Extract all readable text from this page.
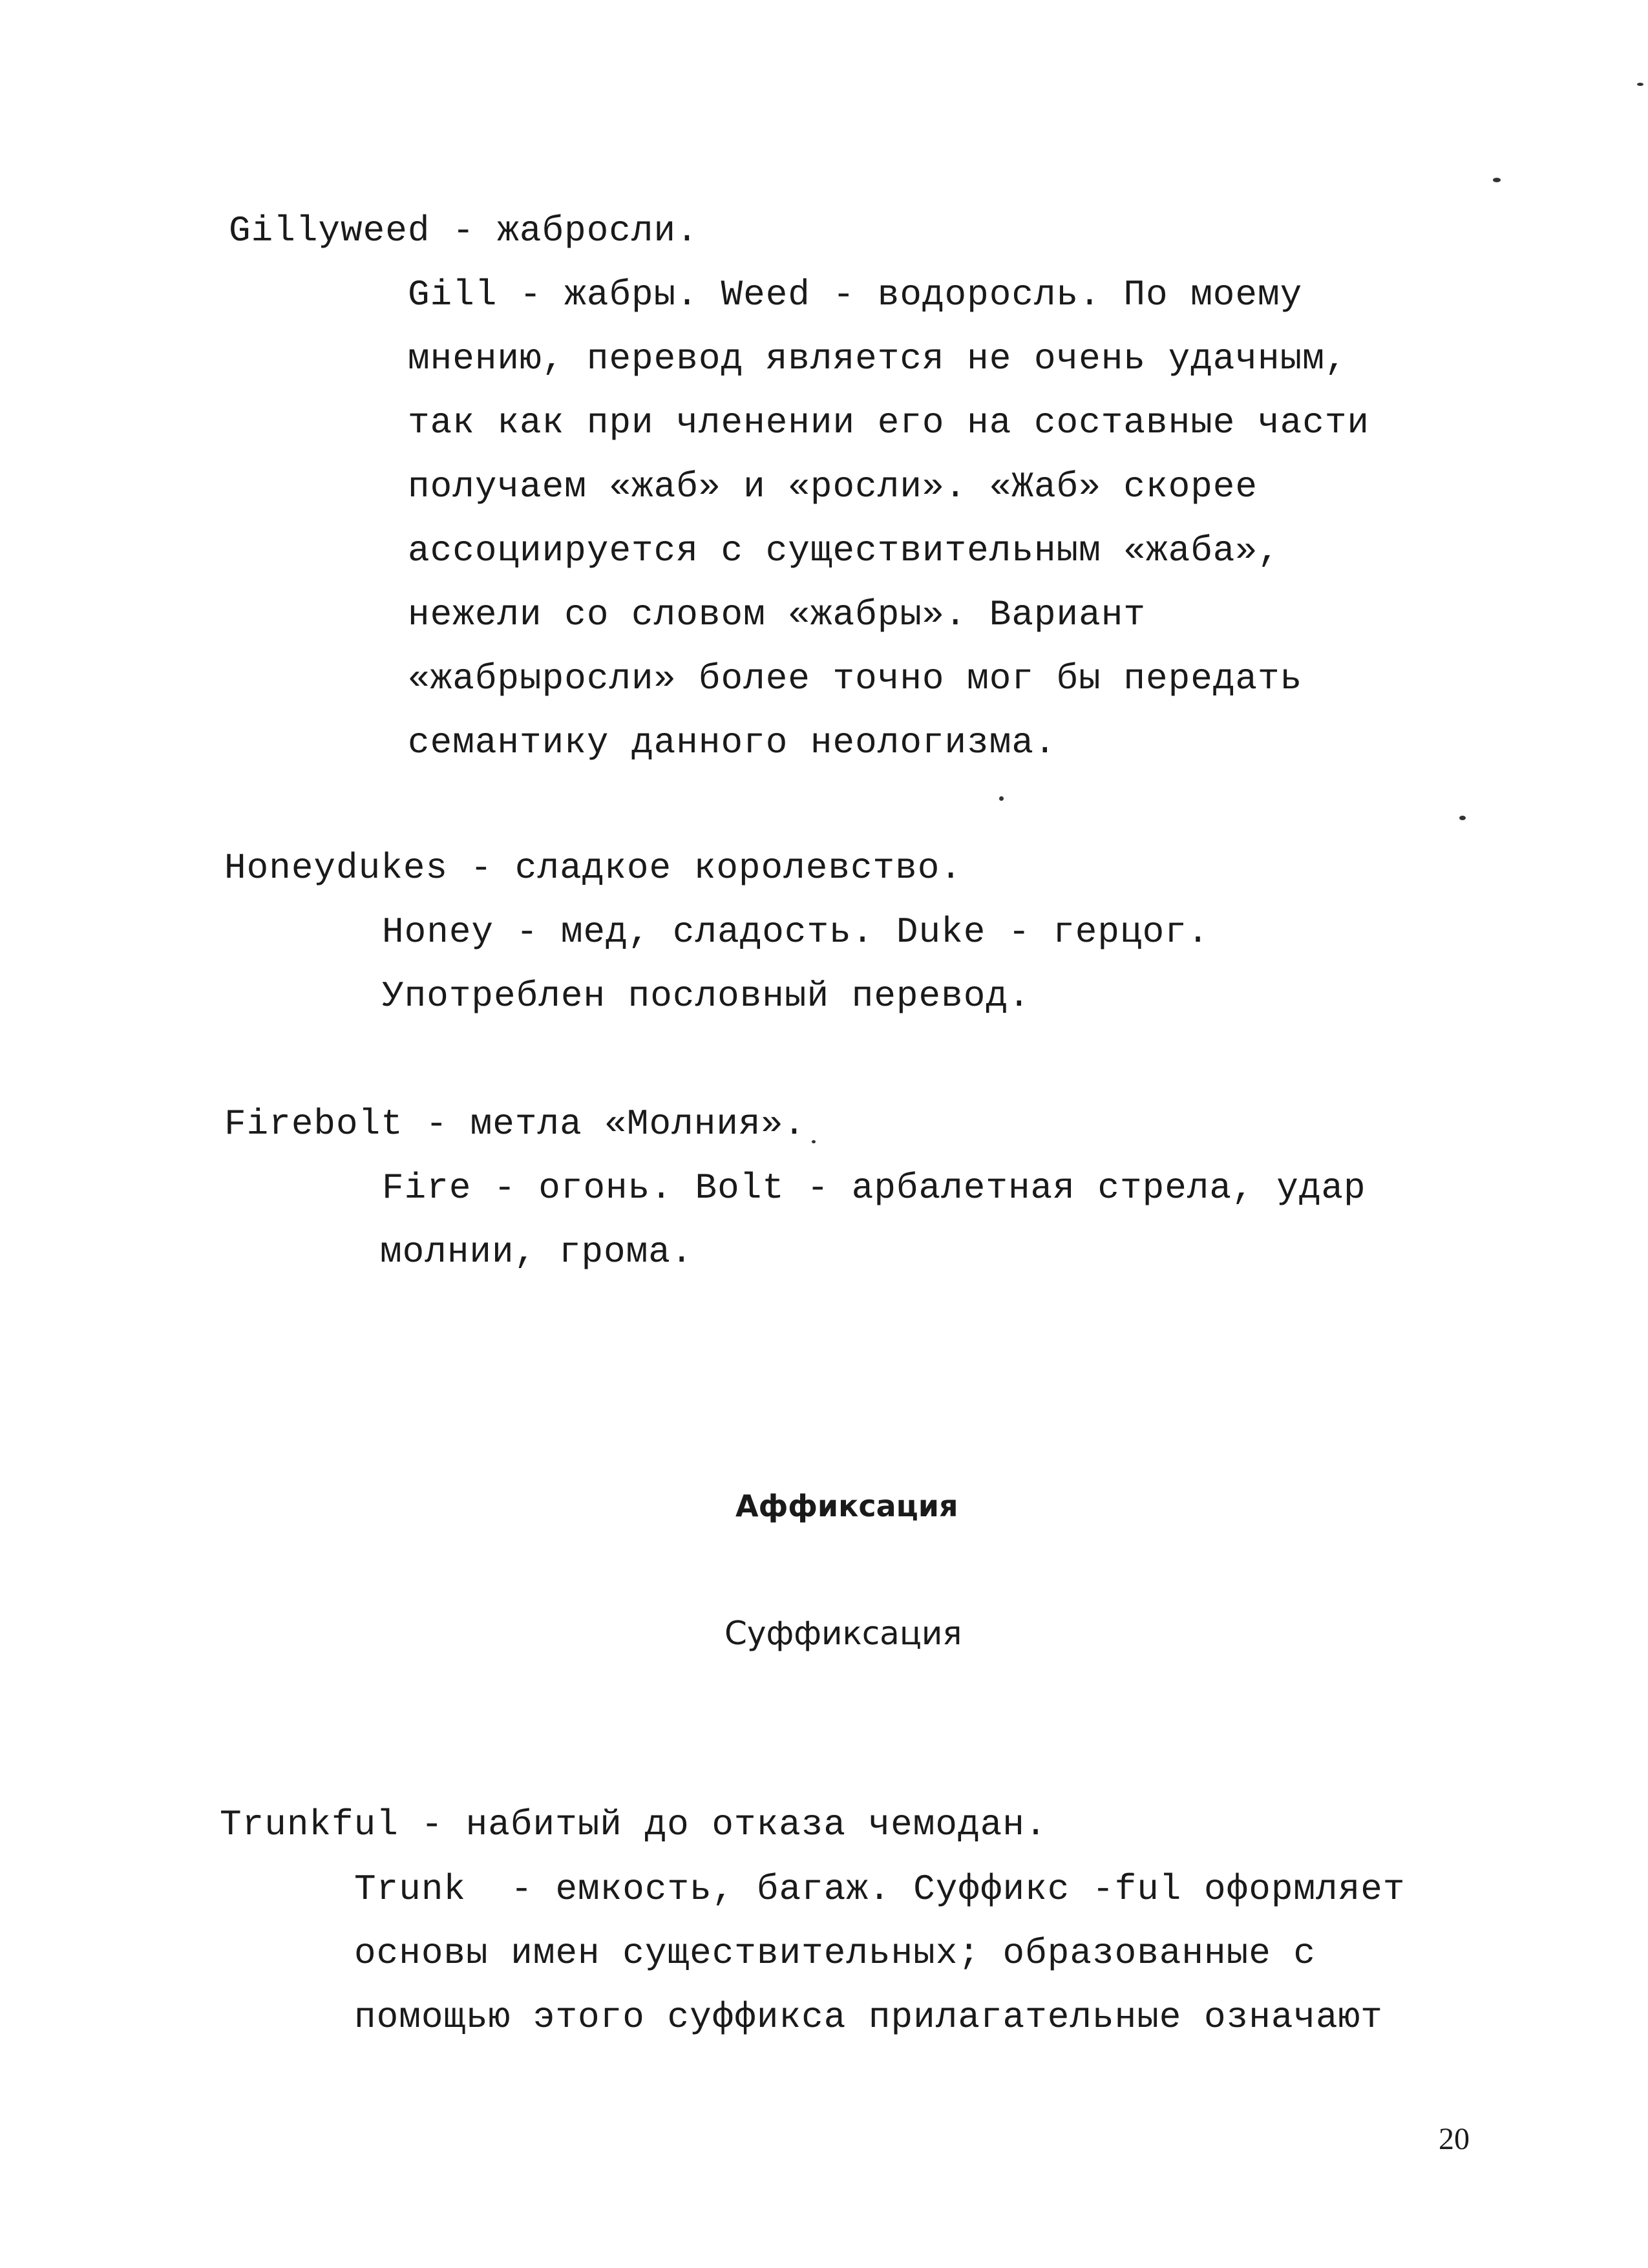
Gillyweed - жабросли.
Gill - жабры. Weed - водоросль. По моему
мнению, перевод является не очень удачным,
так как при членении его на составные части
получаем «жаб» и «росли». «Жаб» скорее
ассоциируется с существительным «жаба»,
нежели со словом «жабры». Вариант
«жабрыросли» более точно мог бы передать
семантику данного неологизма.
Honeydukes - сладкое королевство.
Honey - мед, сладость. Duke - герцог.
Употреблен пословный перевод.
Firebolt - метла «Молния».
Fire - огонь. Bolt - арбалетная стрела, удар
молнии, грома.
Аффиксация
Суффиксация
Trunkful - набитый до отказа чемодан.
Trunk  - емкость, багаж. Суффикс -ful оформляет
основы имен существительных; образованные с
помощью этого суффикса прилагательные означают
20
